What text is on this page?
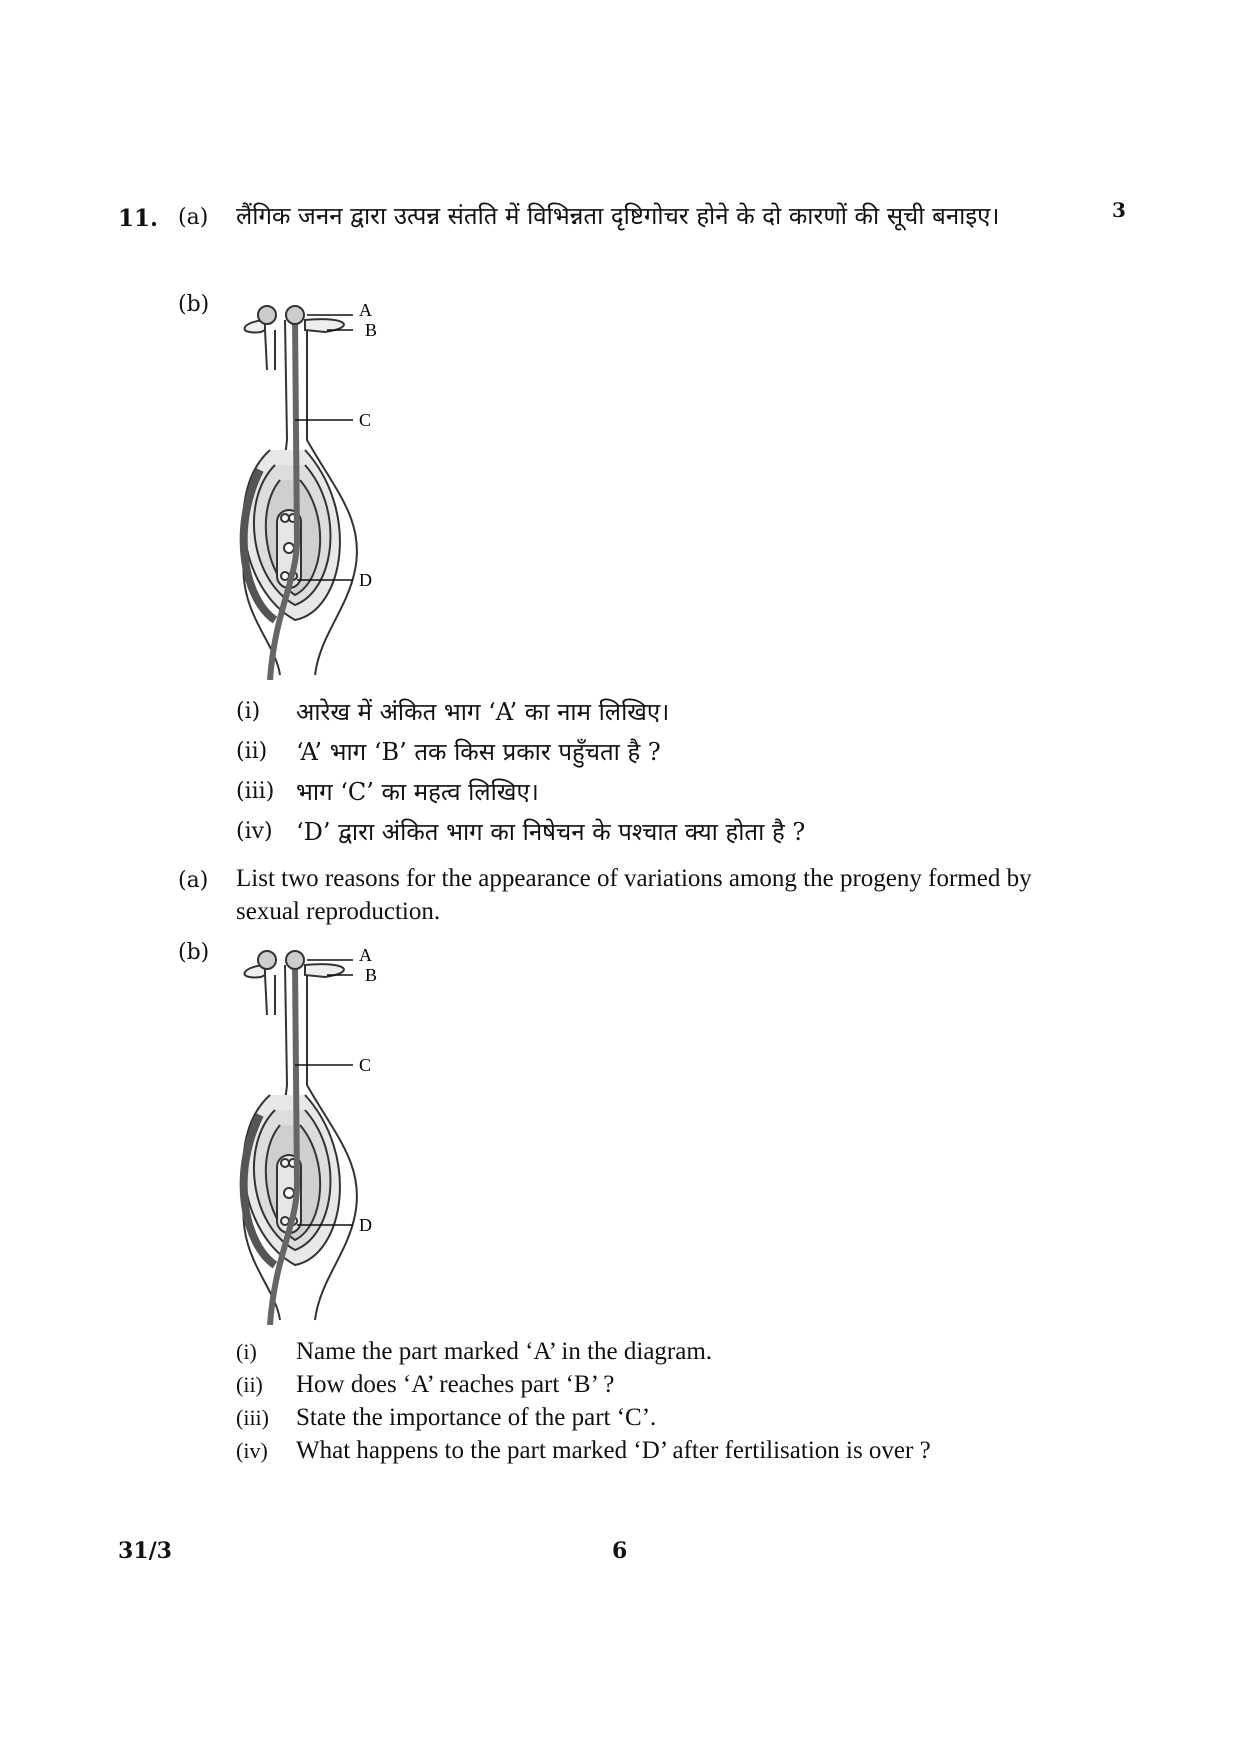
11.	3
(a) लैंगिक जनन द्वारा उत्पन्न संतति में विभिन्नता दृष्टिगोचर होने के दो कारणों की सूची बनाइए।
(b)	A
B
C
D
(i)	आरेख में अंकित भाग ‘A’ का नाम लिखिए।
(ii)	‘A’ भाग ‘B’ तक किस प्रकार पहुँचता है ?
(iii) भाग ‘C’ का महत्व लिखिए।
(iv) ‘D’ द्वारा अंकित भाग का निषेचन के पश्चात क्या होता है ?
(a) List two reasons for the appearance of variations among the progeny formed by sexual reproduction.
(b)	A
B
C
D
(i)	Name the part marked ‘A’ in the diagram.
(ii)	How does ‘A’ reaches part ‘B’ ?
(iii)	State the importance of the part ‘C’.
(iv)	What happens to the part marked ‘D’ after fertilisation is over ?
31/3	6
